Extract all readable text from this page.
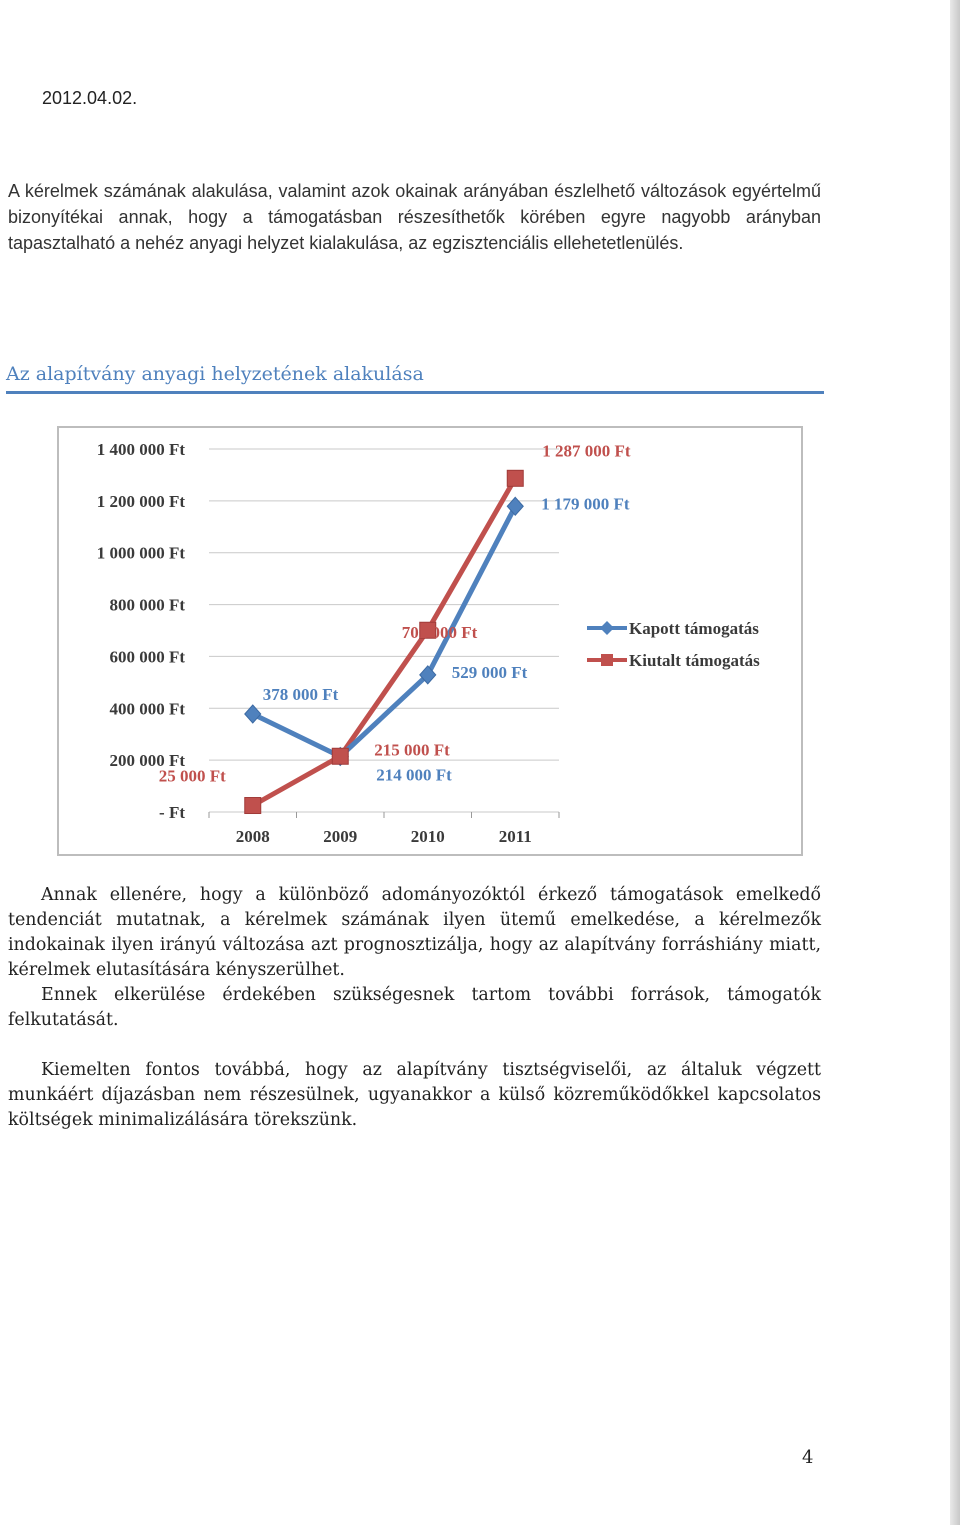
2012.04.02.

A kérelmek számának alakulása, valamint azok okainak arányában észlelhető változások egyértelmű bizonyítékai annak, hogy a támogatásban részesíthetők körében egyre nagyobb arányban tapasztalható a nehéz anyagi helyzet kialakulása, az egzisztenciális ellehetetlenülés.

Az alapítvány anyagi helyzetének alakulása
- Ft
200 000 Ft
400 000 Ft
600 000 Ft
800 000 Ft
1 000 000 Ft
1 200 000 Ft
1 400 000 Ft
2008	2009	2010	2011
378 000 Ft
214 000 Ft
529 000 Ft
1 179 000 Ft
25 000 Ft
215 000 Ft
701 000 Ft
1 287 000 Ft
Kapott támogatás
Kiutalt támogatás

Annak ellenére, hogy a különböző adományozóktól érkező támogatások emelkedő tendenciát mutatnak, a kérelmek számának ilyen ütemű emelkedése, a kérelmezők indokainak ilyen irányú változása azt prognosztizálja, hogy az alapítvány forráshiány miatt, kérelmek elutasítására kényszerülhet.

Ennek elkerülése érdekében szükségesnek tartom további források, támogatók felkutatását.

Kiemelten fontos továbbá, hogy az alapítvány tisztségviselői, az általuk végzett munkáért díjazásban nem részesülnek, ugyanakkor a külső közreműködőkkel kapcsolatos költségek minimalizálására törekszünk.

4
